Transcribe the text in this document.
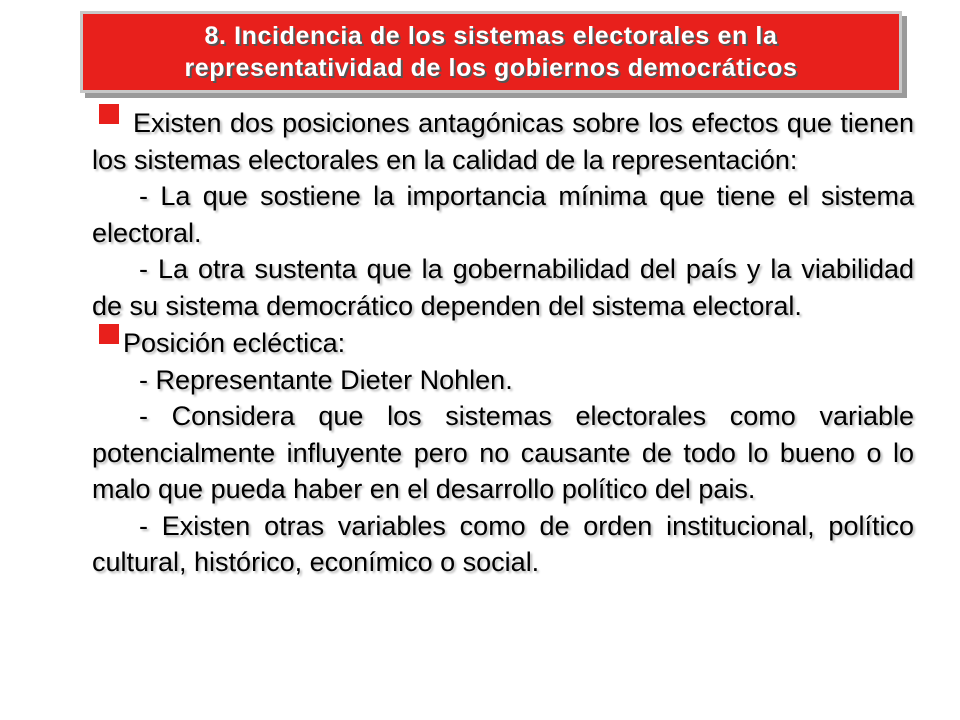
8. Incidencia de los sistemas electorales en la
representatividad de los gobiernos democráticos

Existen dos posiciones antagónicas sobre los efectos que tienen los sistemas electorales en la calidad de la representación:

- La que sostiene la importancia mínima que tiene el sistema electoral.

- La otra sustenta que la gobernabilidad del país y la viabilidad de su sistema democrático dependen del sistema electoral.

Posición ecléctica:

- Representante Dieter Nohlen.

- Considera que los sistemas electorales como variable potencialmente influyente pero no causante de todo lo bueno o lo malo que pueda haber en el desarrollo político del pais.

- Existen otras variables como de orden institucional, político cultural, histórico, econímico o social.
